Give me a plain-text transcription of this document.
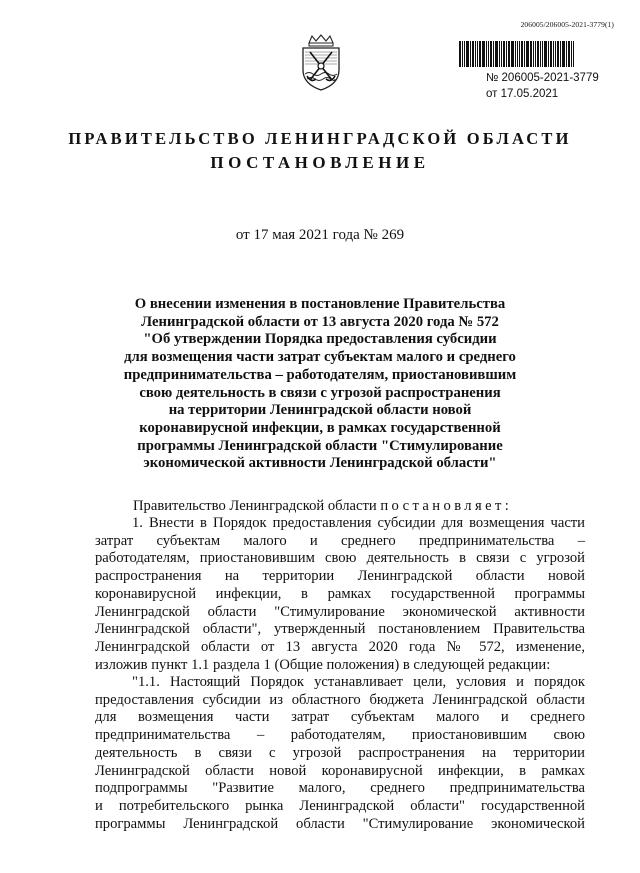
206005/206005-2021-3779(1)
№ 206005-2021-3779
от 17.05.2021
ПРАВИТЕЛЬСТВО ЛЕНИНГРАДСКОЙ ОБЛАСТИ
ПОСТАНОВЛЕНИЕ
от 17 мая 2021 года № 269
О внесении изменения в постановление Правительства
Ленинградской области от 13 августа 2020 года № 572
"Об утверждении Порядка предоставления субсидии
для возмещения части затрат субъектам малого и среднего
предпринимательства – работодателям, приостановившим
свою деятельность в связи с угрозой распространения
на территории Ленинградской области новой
коронавирусной инфекции, в рамках государственной
программы Ленинградской области "Стимулирование
экономической активности Ленинградской области"
Правительство Ленинградской области постановляет:
1. Внести в Порядок предоставления субсидии для возмещения части
затрат субъектам малого и среднего предпринимательства –
работодателям, приостановившим свою деятельность в связи с угрозой
распространения на территории Ленинградской области новой
коронавирусной инфекции, в рамках государственной программы
Ленинградской области "Стимулирование экономической активности
Ленинградской области", утвержденный постановлением Правительства
Ленинградской области от 13 августа 2020 года № 572, изменение,
изложив пункт 1.1 раздела 1 (Общие положения) в следующей редакции:
"1.1. Настоящий Порядок устанавливает цели, условия и порядок
предоставления субсидии из областного бюджета Ленинградской области
для возмещения части затрат субъектам малого и среднего
предпринимательства – работодателям, приостановившим свою
деятельность в связи с угрозой распространения на территории
Ленинградской области новой коронавирусной инфекции, в рамках
подпрограммы "Развитие малого, среднего предпринимательства
и потребительского рынка Ленинградской области" государственной
программы Ленинградской области "Стимулирование экономической
